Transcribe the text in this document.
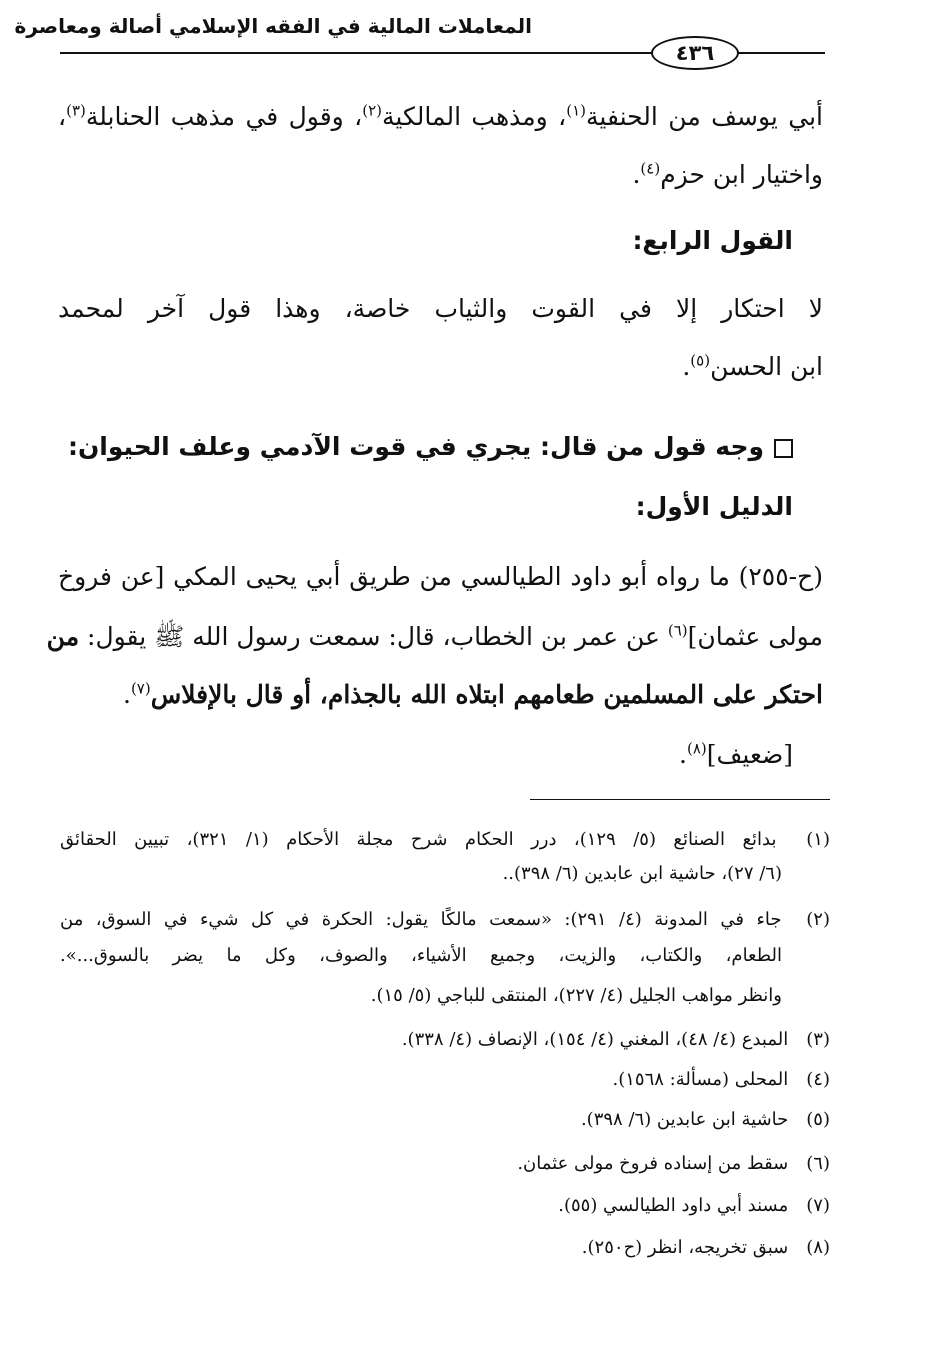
المعاملات المالية في الفقه الإسلامي أصالة ومعاصرة
٤٣٦
أبي يوسف من الحنفية$^{(١)}$، ومذهب المالكية$^{(٢)}$، وقول في مذهب الحنابلة$^{(٣)}$،
واختيار ابن حزم$^{(٤)}$.
القول الرابع:
لا احتكار إلا في القوت والثياب خاصة، وهذا قول آخر لمحمد
ابن الحسن$^{(٥)}$.
وجه قول من قال: يجري في قوت الآدمي وعلف الحيوان:
الدليل الأول:
(ح-٢٥٥) ما رواه أبو داود الطيالسي من طريق أبي يحيى المكي [عن فروخ
مولى عثمان]$^{(٦)}$ عن عمر بن الخطاب، قال: سمعت رسول الله ﷺ يقول: من
احتكر على المسلمين طعامهم ابتلاه الله بالجذام، أو قال بالإفلاس$^{(٧)}$.
[ضعيف]$^{(٨)}$.
(١) بدائع الصنائع (٥/ ١٢٩)، درر الحكام شرح مجلة الأحكام (١/ ٣٢١)، تبيين الحقائق
(٦/ ٢٧)، حاشية ابن عابدين (٦/ ٣٩٨)..
(٢) جاء في المدونة (٤/ ٢٩١): «سمعت مالكًا يقول: الحكرة في كل شيء في السوق، من
الطعام، والكتاب، والزيت، وجميع الأشياء، والصوف، وكل ما يضر بالسوق...».
وانظر مواهب الجليل (٤/ ٢٢٧)، المنتقى للباجي (٥/ ١٥).
(٣) المبدع (٤/ ٤٨)، المغني (٤/ ١٥٤)، الإنصاف (٤/ ٣٣٨).
(٤) المحلى (مسألة: ١٥٦٨).
(٥) حاشية ابن عابدين (٦/ ٣٩٨).
(٦) سقط من إسناده فروخ مولى عثمان.
(٧) مسند أبي داود الطيالسي (٥٥).
(٨) سبق تخريجه، انظر (ح٢٥٠).
